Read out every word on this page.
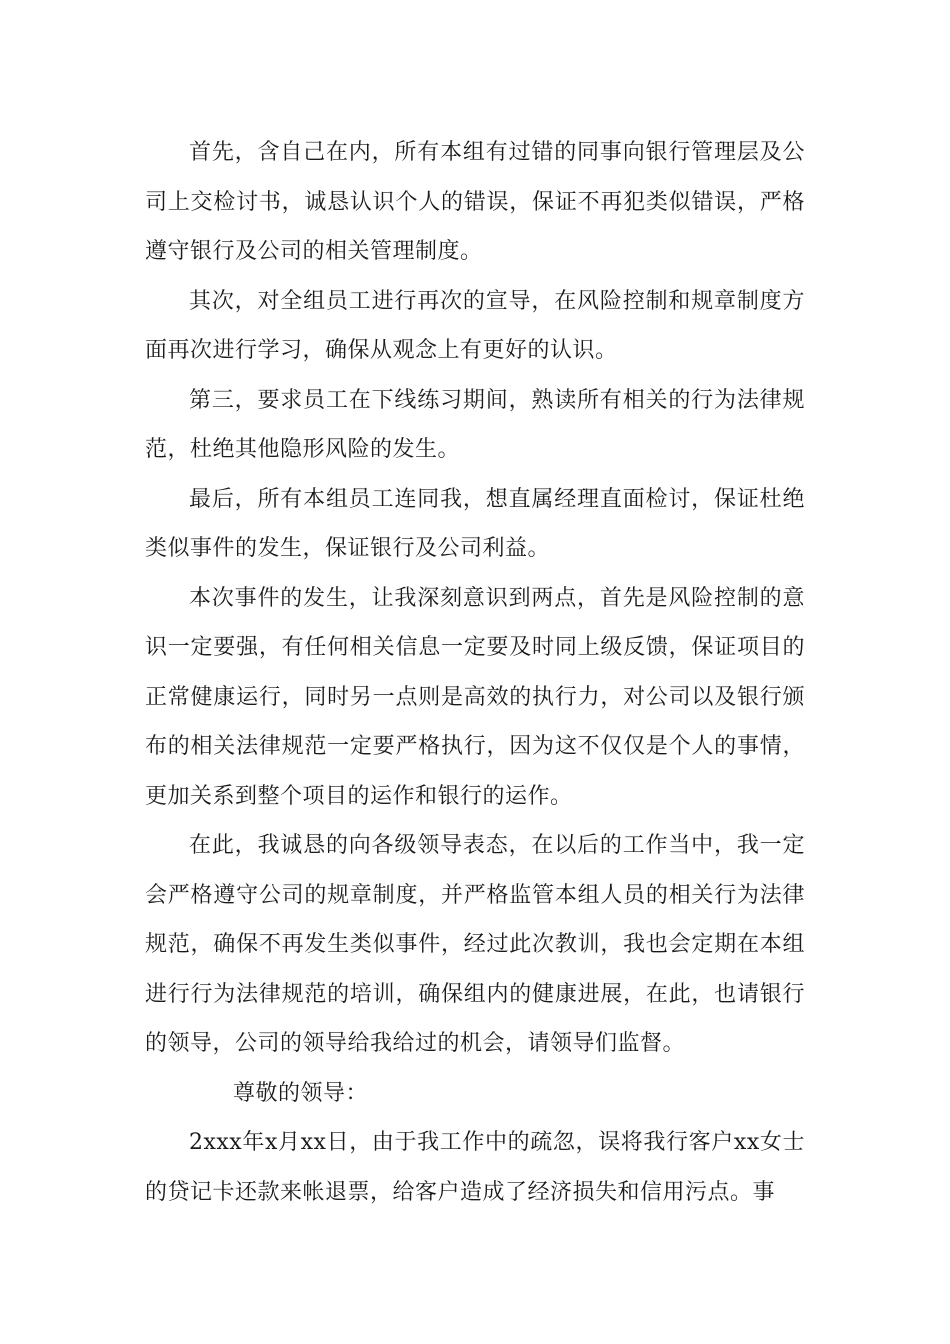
首先，含自己在内，所有本组有过错的同事向银行管理层及公司上交检讨书，诚恳认识个人的错误，保证不再犯类似错误，严格遵守银行及公司的相关管理制度。

其次，对全组员工进行再次的宣导，在风险控制和规章制度方面再次进行学习，确保从观念上有更好的认识。

第三，要求员工在下线练习期间，熟读所有相关的行为法律规范，杜绝其他隐形风险的发生。

最后，所有本组员工连同我，想直属经理直面检讨，保证杜绝类似事件的发生，保证银行及公司利益。

本次事件的发生，让我深刻意识到两点，首先是风险控制的意识一定要强，有任何相关信息一定要及时同上级反馈，保证项目的正常健康运行，同时另一点则是高效的执行力，对公司以及银行颁布的相关法律规范一定要严格执行，因为这不仅仅是个人的事情，更加关系到整个项目的运作和银行的运作。

在此，我诚恳的向各级领导表态，在以后的工作当中，我一定会严格遵守公司的规章制度，并严格监管本组人员的相关行为法律规范，确保不再发生类似事件，经过此次教训，我也会定期在本组进行行为法律规范的培训，确保组内的健康进展，在此，也请银行的领导，公司的领导给我给过的机会，请领导们监督。

尊敬的领导：

2xxx年x月xx日，由于我工作中的疏忽，误将我行客户xx女士的贷记卡还款来帐退票，给客户造成了经济损失和信用污点。事
